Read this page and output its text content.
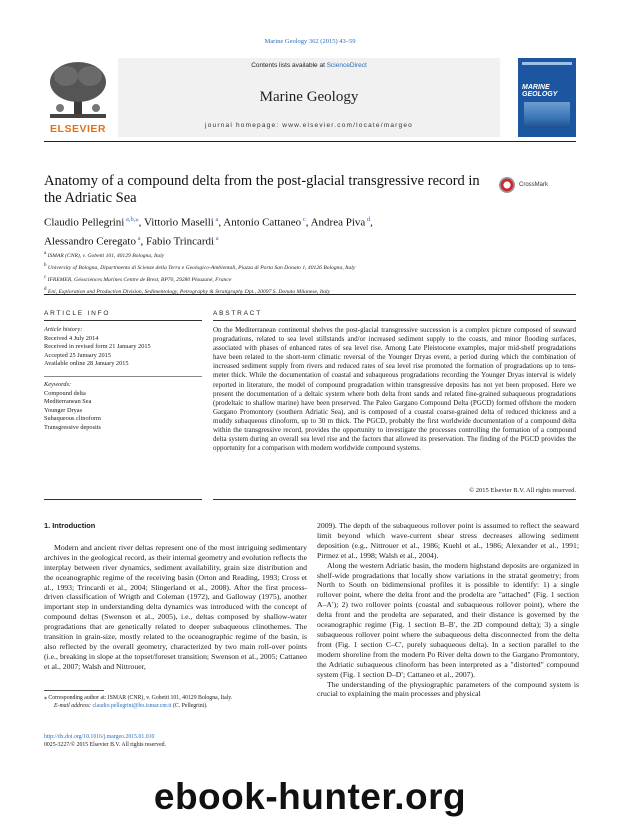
Marine Geology 362 (2015) 43–59
ELSEVIER
Contents lists available at ScienceDirect
Marine Geology
journal homepage: www.elsevier.com/locate/margeo
MARINE GEOLOGY
Anatomy of a compound delta from the post-glacial transgressive record in the Adriatic Sea
CrossMark
Claudio Pellegrini $^{a,b,⁎}$, Vittorio Maselli $^a$, Antonio Cattaneo $^c$, Andrea Piva $^d$,
Alessandro Ceregato $^a$, Fabio Trincardi $^a$
$^a$ ISMAR (CNR), v. Gobetti 101, 40129 Bologna, Italy
$^b$ University of Bologna, Dipartimento di Scienze della Terra e Geologico-Ambientali, Piazza di Porta San Donato 1, 40126 Bologna, Italy
$^c$ IFREMER, Géosciences Marines Centre de Brest, BP70, 29280 Plouzané, France
$^d$ Eni, Exploration and Production Division, Sedimentology, Petrography & Stratigraphy Dpt., 20097 S. Donato Milanese, Italy
ARTICLE INFO	ABSTRACT
Article history:
Received 4 July 2014
Received in revised form 21 January 2015
Accepted 25 January 2015
Available online 28 January 2015
Keywords:
Compound delta
Mediterranean Sea
Younger Dryas
Subaqueous clinoform
Transgressive deposits
On the Mediterranean continental shelves the post-glacial transgressive succession is a complex picture composed of seaward progradations, related to sea level stillstands and/or increased sediment supply to the coasts, and minor flooding surfaces, associated with phases of enhanced rates of sea level rise. Among Late Pleistocene examples, major mid-shelf progradations have been related to the short-term climatic reversal of the Younger Dryas event, a period during which the combination of increased sediment supply from rivers and reduced rates of sea level rise promoted the formation of progradations up to tens-meter thick. While the documentation of coastal and subaqueous progradations recording the Younger Dryas interval is widely reported in literature, the model of compound progradation within transgressive deposits has not yet been proposed. Here we present the documentation of a deltaic system where both delta front sands and related fine-grained subaqueous progradations (prodeltaic to shallow marine) have been preserved. The Paleo Gargano Compound Delta (PGCD) formed offshore the modern Gargano Promontory (southern Adriatic Sea), and is composed of a coastal coarse-grained delta of reduced thickness and a muddy subaqueous clinoform, up to 30 m thick. The PGCD, probably the first worldwide documentation of a compound delta within the transgressive record, provides the opportunity to investigate the processes controlling the formation of a compound delta system during an overall sea level rise and the factors that allowed its preservation. The finding of the PGCD provides the opportunity for a comparison with modern worldwide compound systems.
© 2015 Elsevier B.V. All rights reserved.
1. Introduction

Modern and ancient river deltas represent one of the most intriguing sedimentary archives in the geological record, as their internal geometry and evolution reflects the interplay between river dynamics, sediment availability, grain size distribution and the oceanographic regime of the receiving basin (Orton and Reading, 1993; Cross et al., 1993; Trincardi et al., 2004; Slingerland et al., 2008). After the first process-driven classification of Wrigth and Coleman (1972), and Galloway (1975), another important step in understanding delta dynamics was introduced with the concept of compound deltas (Swenson et al., 2005), i.e., deltas composed by shallow-water progradations that are genetically related to deeper subaqueous clinothemes. The transition in grain-size, mostly related to the oceanographic regime of the basin, is also reflected by the overall geometry, characterized by two main roll-over points (i.e., breaking in slope at the topset/foreset transition; Swenson et al., 2005; Cattaneo et al., 2007; Walsh and Nittrouer,

2009). The depth of the subaqueous rollover point is assumed to reflect the seaward limit beyond which wave-current shear stress decreases allowing sediment deposition (e.g., Nittrouer et al., 1986; Kuehl et al., 1986; Alexander et al., 1991; Pirmez et al., 1998; Walsh et al., 2004).

Along the western Adriatic basin, the modern highstand deposits are organized in shelf-wide progradations that locally show variations in the stratal geometry; from North to South on bidimensional profiles it is possible to identify: 1) a single rollover point, where the delta front and the prodelta are "attached" (Fig. 1 section A–A′); 2) two rollover points (coastal and subaqueous rollover point), where the delta front and the prodelta are separated, and their distance is governed by the oceanographic regime (Fig. 1 section B–B′, the 2D compound delta); 3) a single subaqueous rollover point where the subaqueous delta disconnected from the delta front (Fig. 1 section C–C′, purely subaqueous delta). In a section parallel to the modern shoreline from the modern Po River delta down to the Gargano Promontory, the Adriatic subaqueous clinoform has been interpreted as a "distorted" compound system (Fig. 1 section D–D′; Cattaneo et al., 2007).

The understanding of the physiographic parameters of the compound system is crucial to explaining the main processes and physical

⁎ Corresponding author at: ISMAR (CNR), v. Gobetti 101, 40129 Bologna, Italy.
E-mail address: claudio.pellegrini@bo.ismar.cnr.it (C. Pellegrini).
http://dx.doi.org/10.1016/j.margeo.2015.01.010
0025-3227/© 2015 Elsevier B.V. All rights reserved.
ebook-hunter.org
